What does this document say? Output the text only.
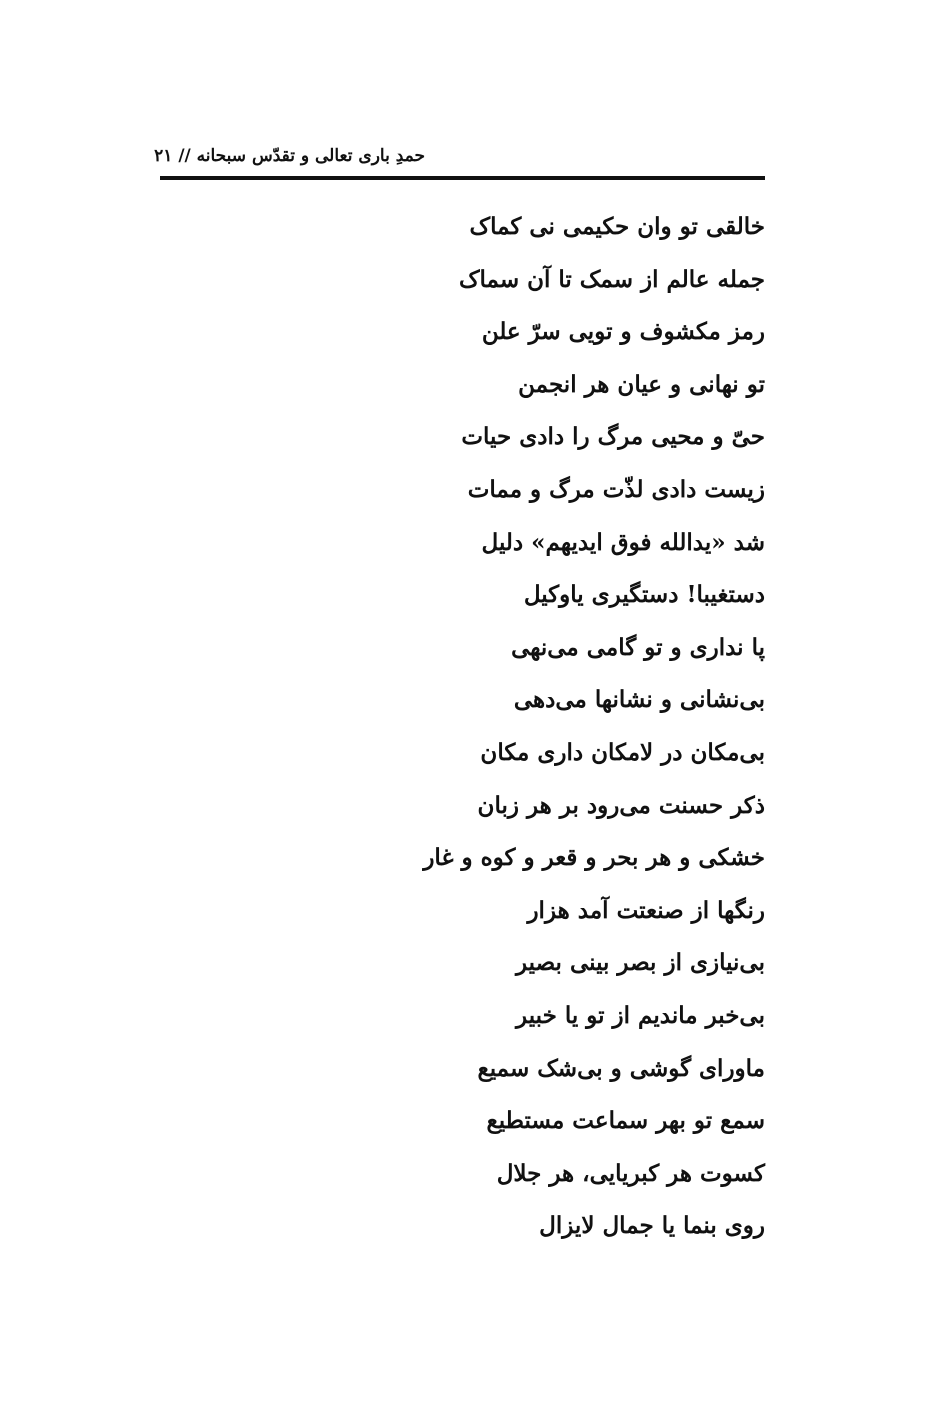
حمدِ باری تعالی و تقدّس سبحانه // ۲۱
خالقی تو وان حکیمی نی کماک
جمله عالم از سمک تا آن سماک
رمز مکشوف و تویی سرّ علن
تو نهانی و عیان هر انجمن
حیّ و محیی مرگ را دادی حیات
زیست دادی لذّت مرگ و ممات
شد «یدالله فوق ایدیهم» دلیل
دستغیبا! دستگیری یاوکیل
پا نداری و تو گامی می‌نهی
بی‌نشانی و نشانها می‌دهی
بی‌مکان در لامکان داری مکان
ذکر حسنت می‌رود بر هر زبان
خشکی و هر بحر و قعر و کوه و غار
رنگها از صنعتت آمد هزار
بی‌نیازی از بصر بینی بصیر
بی‌خبر ماندیم از تو یا خبیر
ماورای گوشی و بی‌شک سمیع
سمع تو بهر سماعت مستطیع
کسوت هر کبریایی، هر جلال
روی بنما یا جمال لایزال
